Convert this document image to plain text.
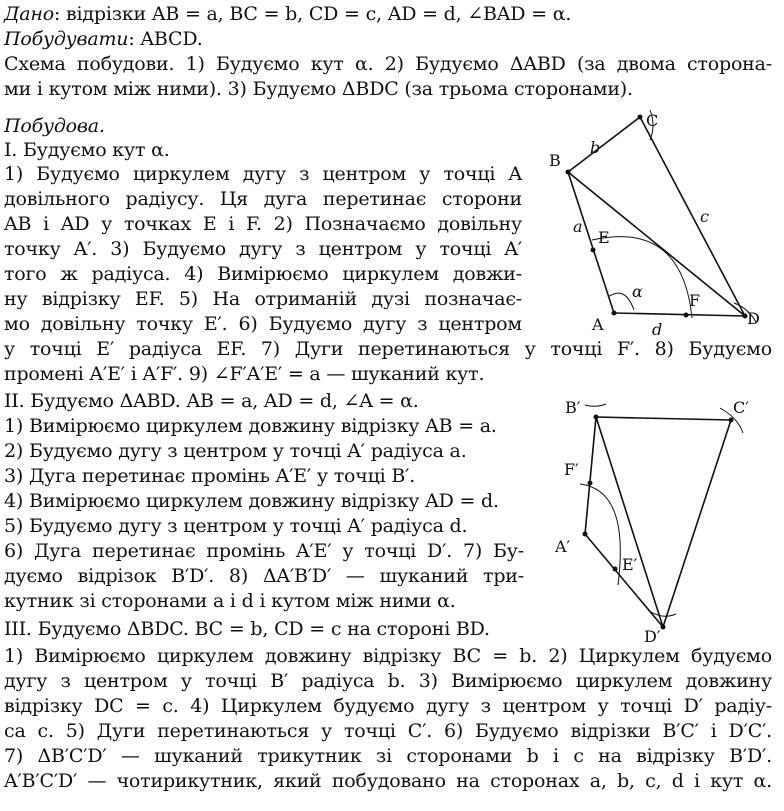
Дано: відрізки AB = a, BC = b, CD = c, AD = d, ∠BAD = α.
Побудувати: ABCD.
Схема побудови. 1) Будуємо кут α. 2) Будуємо ΔABD (за двома сторона-
ми і кутом між ними). 3) Будуємо ΔBDC (за трьома сторонами).
Побудова.
I. Будуємо кут α.
1) Будуємо циркулем дугу з центром у точці A
довільного радіусу. Ця дуга перетинає сторони
AB і AD у точках E і F. 2) Позначаємо довільну
точку A′. 3) Будуємо дугу з центром у точці A′
того ж радіуса. 4) Вимірюємо циркулем довжи-
ну відрізку EF. 5) На отриманій дузі позначає-
мо довільну точку E′. 6) Будуємо дугу з центром
у точці E′ радіуса EF. 7) Дуги перетинаються у точці F′. 8) Будуємо
промені A′E′ і A′F′. 9) ∠F′A′E′ = a — шуканий кут.
II. Будуємо ΔABD. AB = a, AD = d, ∠A = α.
1) Вимірюємо циркулем довжину відрізку AB = a.
2) Будуємо дугу з центром у точці A′ радіуса a.
3) Дуга перетинає промінь A′E′ у точці B′.
4) Вимірюємо циркулем довжину відрізку AD = d.
5) Будуємо дугу з центром у точці A′ радіуса d.
6) Дуга перетинає промінь A′E′ у точці D′. 7) Бу-
дуємо відрізок B′D′. 8) ΔA′B′D′ — шуканий три-
кутник зі сторонами a і d і кутом між ними α.
III. Будуємо ΔBDC. BC = b, CD = c на стороні BD.
1) Вимірюємо циркулем довжину відрізку BC = b. 2) Циркулем будуємо
дугу з центром у точці B′ радіуса b. 3) Вимірюємо циркулем довжину
відрізку DC = c. 4) Циркулем будуємо дугу з центром у точці D′ радіу-
са c. 5) Дуги перетинаються у точці C′. 6) Будуємо відрізки B′C′ і D′C′.
7) ΔB′C′D′ — шуканий трикутник зі сторонами b і c на відрізку B′D′.
A′B′C′D′ — чотирикутник, який побудовано на сторонах a, b, c, d і кут α.
B
C
D
A
E
F
a
b
c
d
α
B′	C′
D′
A′
F′
E′
